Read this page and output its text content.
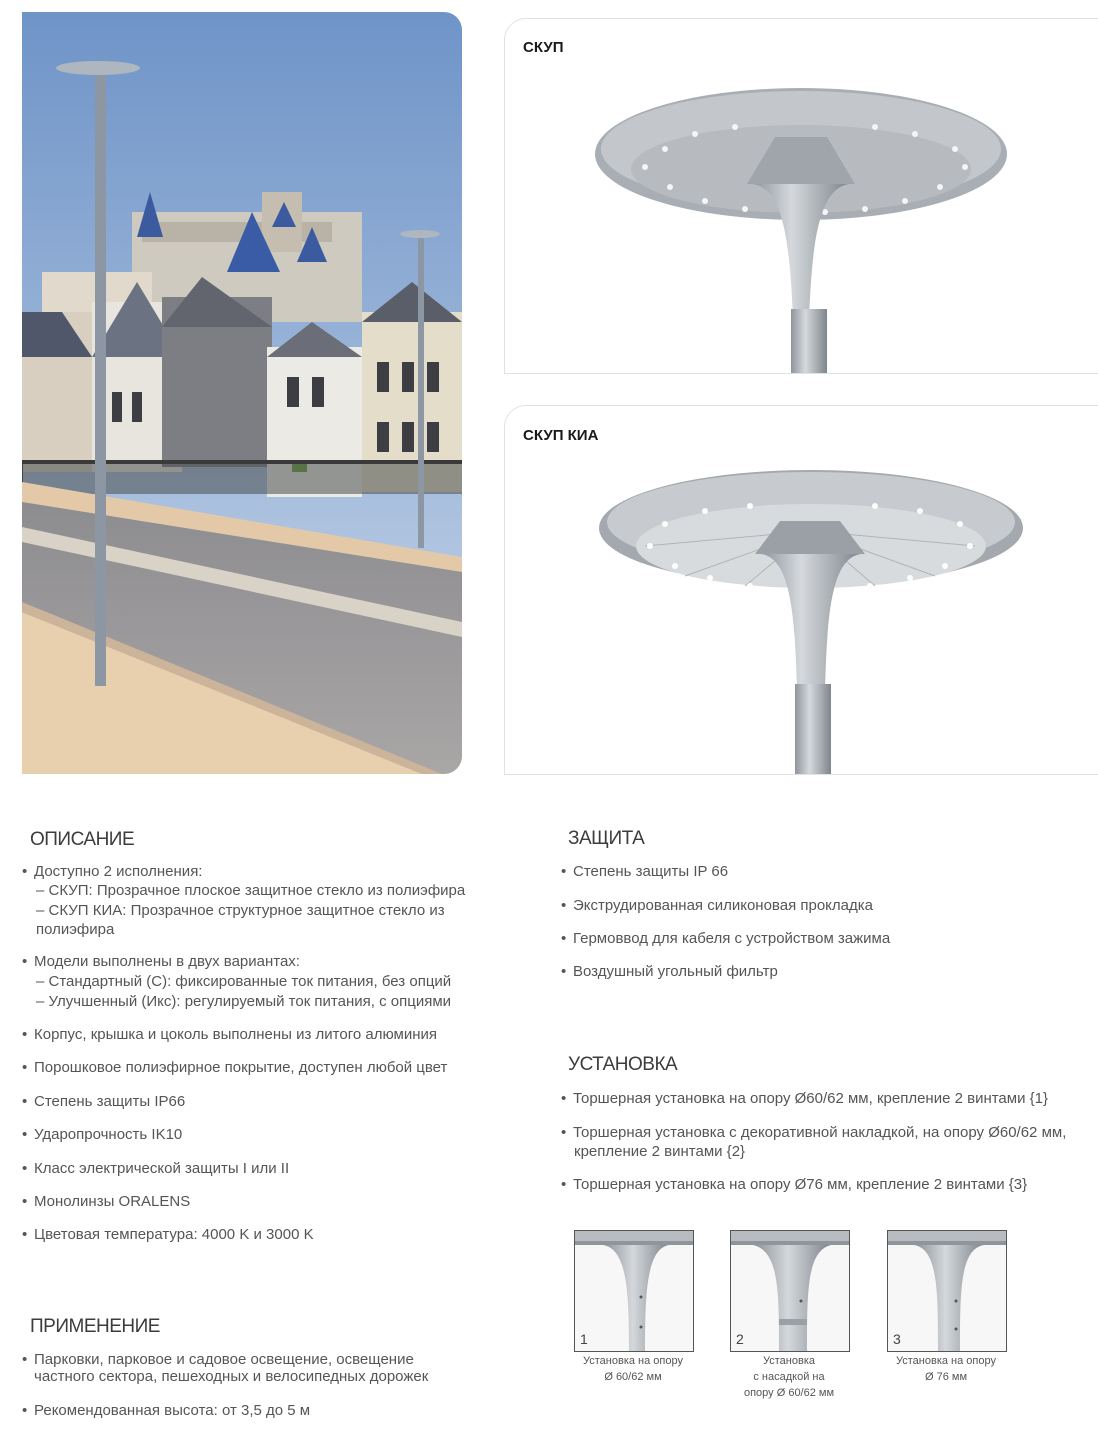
СКУП
СКУП КИА
ОПИСАНИЕ
• Доступно 2 исполнения:
– СКУП: Прозрачное плоское защитное стекло из полиэфира
– СКУП КИА: Прозрачное структурное защитное стекло из
полиэфира
• Модели выполнены в двух вариантах:
– Стандартный (С): фиксированные ток питания, без опций
– Улучшенный (Икс): регулируемый ток питания, с опциями
• Корпус, крышка и цоколь выполнены из литого алюминия
• Порошковое полиэфирное покрытие, доступен любой цвет
• Степень защиты IP66
• Ударопрочность IK10
• Класс электрической защиты I или II
• Монолинзы ORALENS
• Цветовая температура: 4000 K и 3000 K
ПРИМЕНЕНИЕ
• Парковки, парковое и садовое освещение, освещение
частного сектора, пешеходных и велосипедных дорожек
• Рекомендованная высота: от 3,5 до 5 м
ЗАЩИТА
• Степень защиты IP 66
• Экструдированная силиконовая прокладка
• Гермоввод для кабеля с устройством зажима
• Воздушный угольный фильтр
УСТАНОВКА
• Торшерная установка на опору Ø60/62 мм, крепление 2 винтами {1}
• Торшерная установка с декоративной накладкой, на опору Ø60/62 мм,
крепление 2 винтами {2}
• Торшерная установка на опору Ø76 мм, крепление 2 винтами {3}
1
Установка на опору
Ø 60/62 мм
2
Установка
с насадкой на
опору Ø 60/62 мм
3
Установка на опору
Ø 76 мм
